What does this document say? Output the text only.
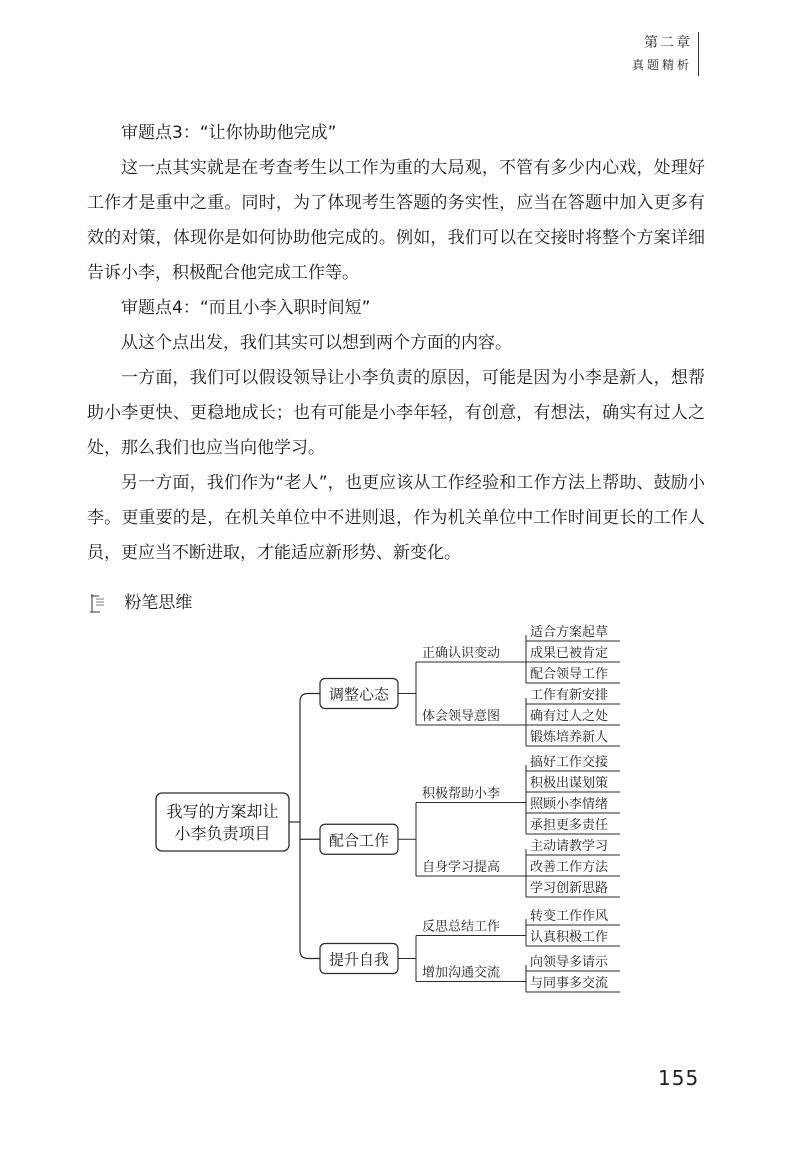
第二章
真题精析

审题点3：“让你协助他完成”

这一点其实就是在考查考生以工作为重的大局观，不管有多少内心戏，处理好工作才是重中之重。同时，为了体现考生答题的务实性，应当在答题中加入更多有效的对策，体现你是如何协助他完成的。例如，我们可以在交接时将整个方案详细告诉小李，积极配合他完成工作等。

审题点4：“而且小李入职时间短”

从这个点出发，我们其实可以想到两个方面的内容。

一方面，我们可以假设领导让小李负责的原因，可能是因为小李是新人，想帮助小李更快、更稳地成长；也有可能是小李年轻，有创意，有想法，确实有过人之处，那么我们也应当向他学习。

另一方面，我们作为“老人”，也更应该从工作经验和工作方法上帮助、鼓励小李。更重要的是，在机关单位中不进则退，作为机关单位中工作时间更长的工作人员，更应当不断进取，才能适应新形势、新变化。

粉笔思维
适合方案起草
成果已被肯定
配合领导工作
正确认识变动
工作有新安排
确有过人之处
锻炼培养新人
体会领导意图
调整心态
搞好工作交接
积极出谋划策
照顾小李情绪
承担更多责任
积极帮助小李
主动请教学习
改善工作方法
学习创新思路
自身学习提高
配合工作
转变工作作风
认真积极工作
反思总结工作
向领导多请示
与同事多交流
增加沟通交流
提升自我
我写的方案却让小李负责项目
155
